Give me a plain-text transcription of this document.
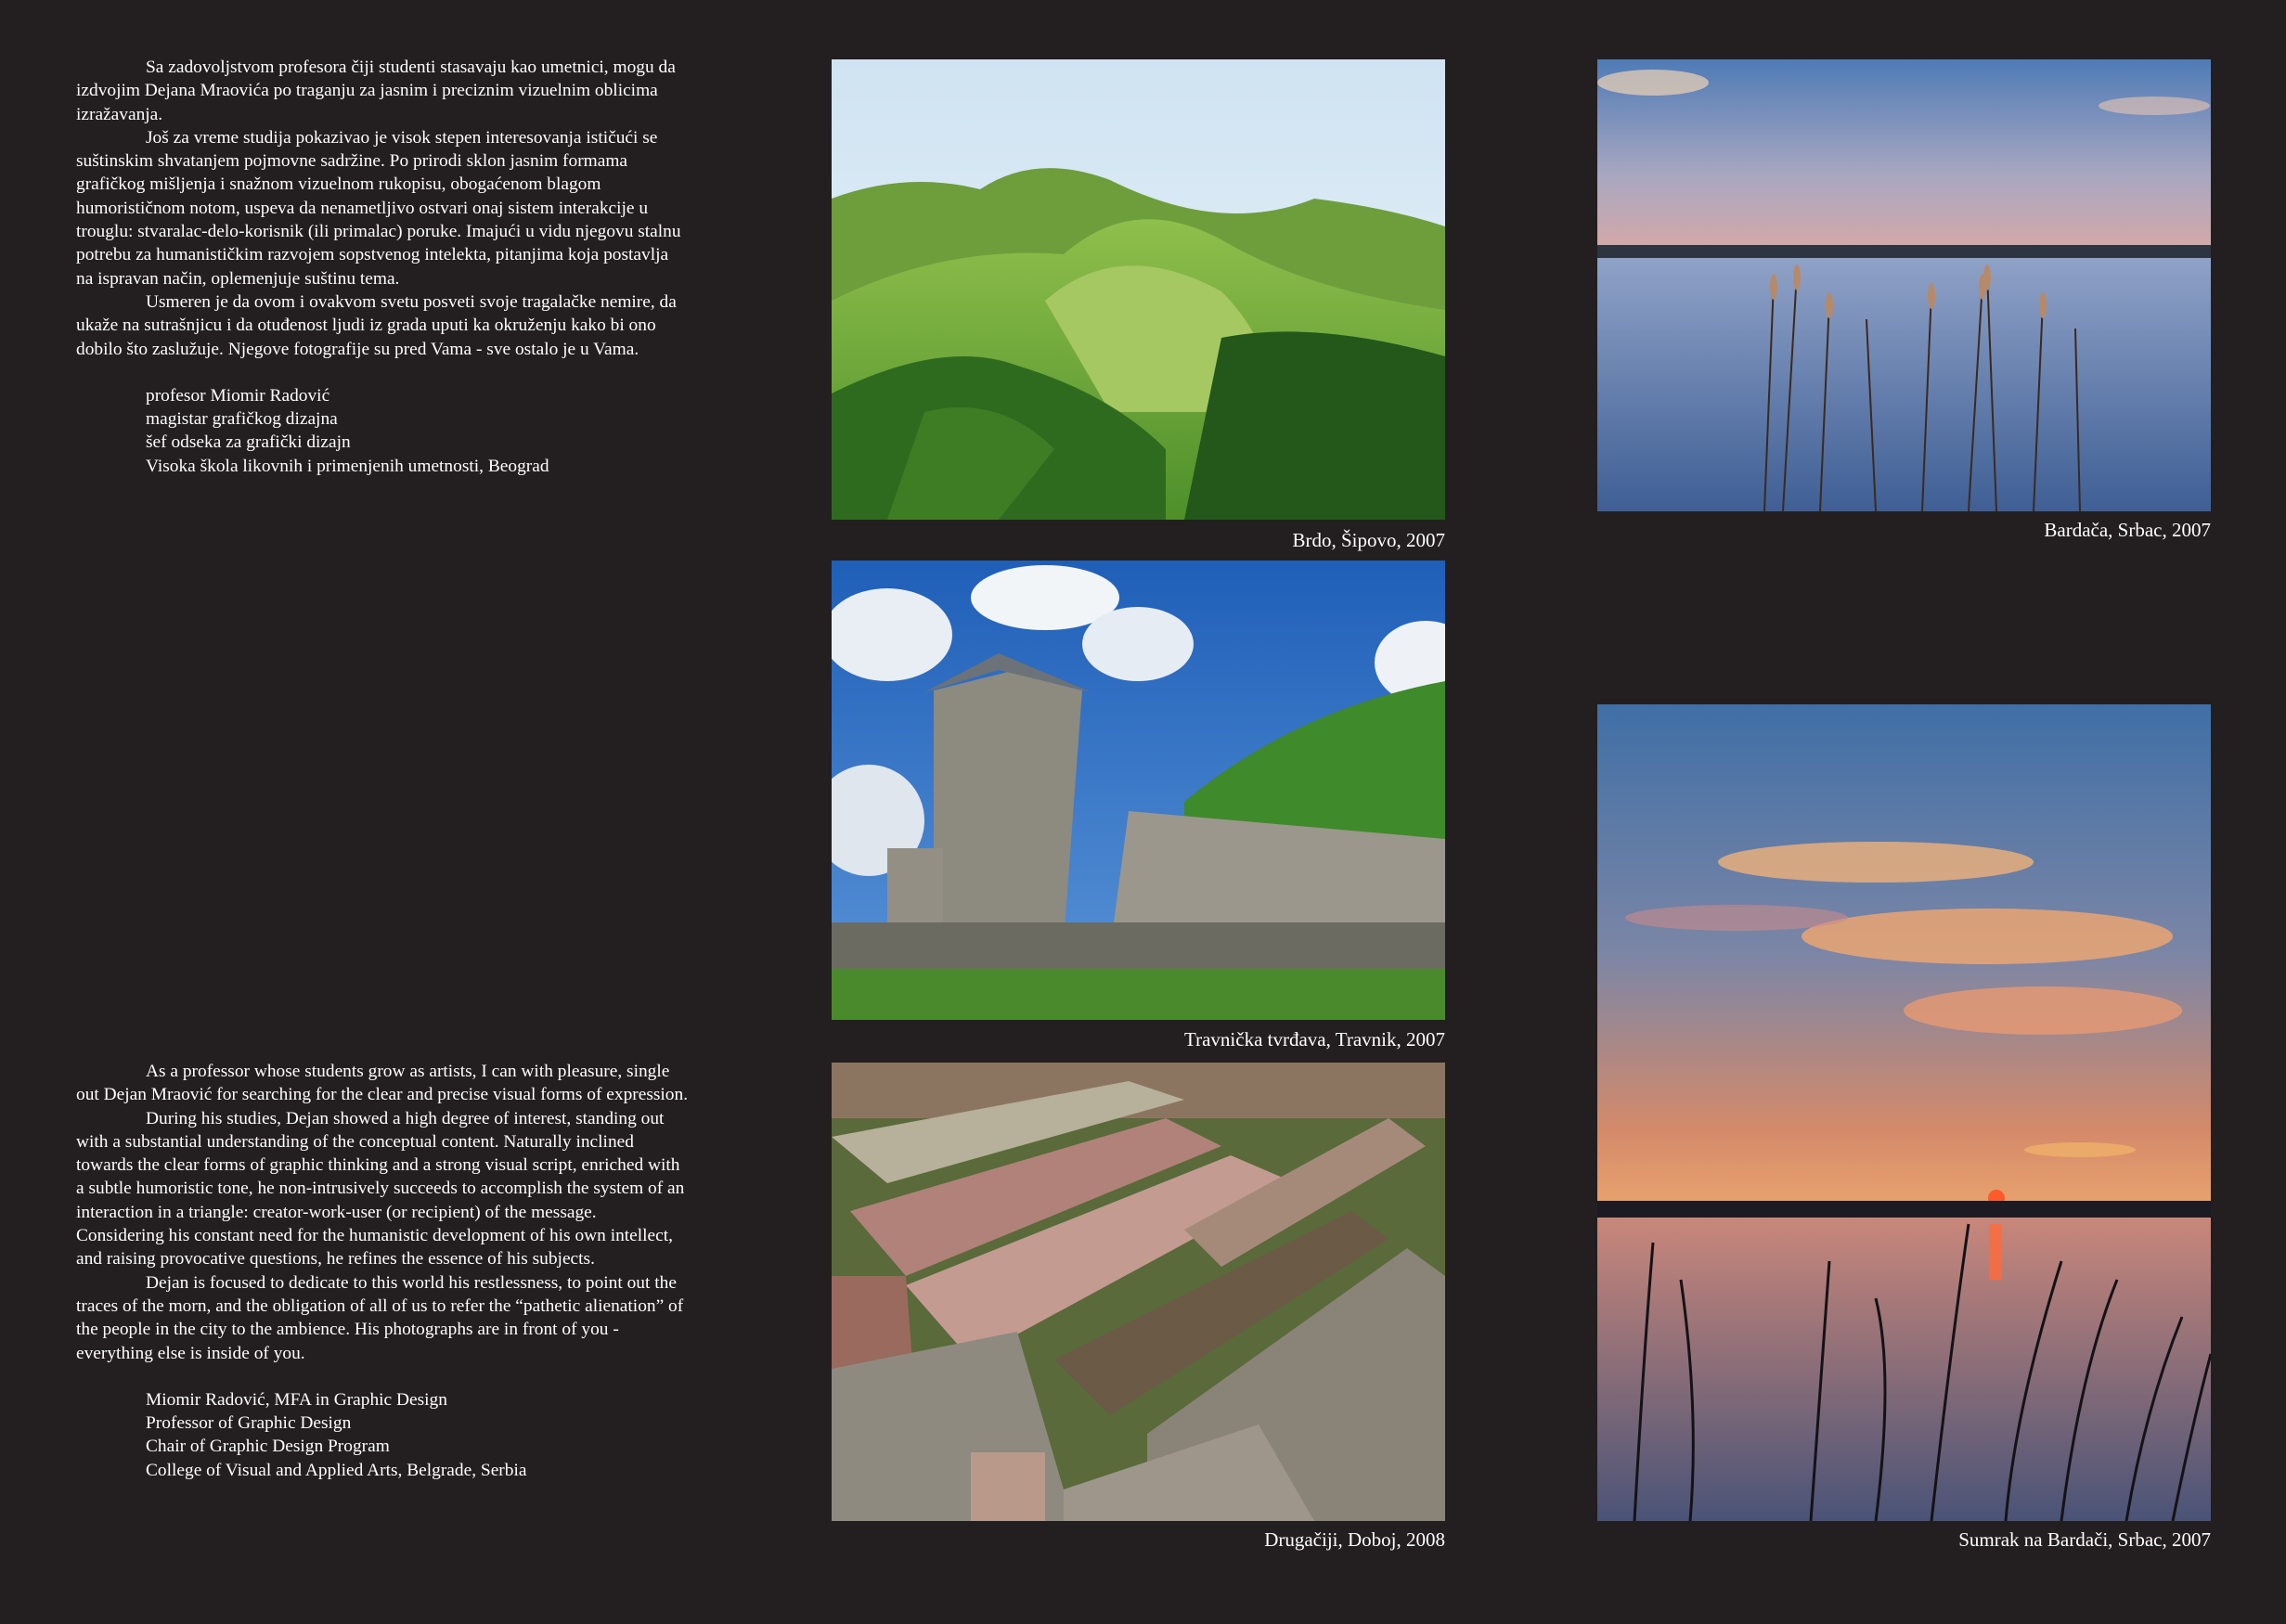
Sa zadovoljstvom profesora čiji studenti stasavaju kao umetnici, mogu da izdvojim Dejana Mraovića po traganju za jasnim i preciznim vizuelnim oblicima izražavanja.

Još za vreme studija pokazivao je visok stepen interesovanja ističući se suštinskim shvatanjem pojmovne sadržine. Po prirodi sklon jasnim formama grafičkog mišljenja i snažnom vizuelnom rukopisu, obogaćenom blagom humorističnom notom, uspeva da nenametljivo ostvari onaj sistem interakcije u trouglu: stvaralac-delo-korisnik (ili primalac) poruke. Imajući u vidu njegovu stalnu potrebu za humanističkim razvojem sopstvenog intelekta, pitanjima koja postavlja na ispravan način, oplemenjuje suštinu tema.

Usmeren je da ovom i ovakvom svetu posveti svoje tragalačke nemire, da ukaže na sutrašnjicu i da otuđenost ljudi iz grada uputi ka okruženju kako bi ono dobilo što zaslužuje. Njegove fotografije su pred Vama - sve ostalo je u Vama.

profesor Miomir Radović
magistar grafičkog dizajna
šef odseka za grafički dizajn
Visoka škola likovnih i primenjenih umetnosti, Beograd

As a professor whose students grow as artists, I can with pleasure, single out Dejan Mraović for searching for the clear and precise visual forms of expression.

During his studies, Dejan showed a high degree of interest, standing out with a substantial understanding of the conceptual content. Naturally inclined towards the clear forms of graphic thinking and a strong visual script, enriched with a subtle humoristic tone, he non-intrusively succeeds to accomplish the system of an interaction in a triangle: creator-work-user (or recipient) of the message. Considering his constant need for the humanistic development of his own intellect, and raising provocative questions, he refines the essence of his subjects.

Dejan is focused to dedicate to this world his restlessness, to point out the traces of the morn, and the obligation of all of us to refer the “pathetic alienation” of the people in the city to the ambience. His photographs are in front of you - everything else is inside of you.

Miomir Radović, MFA in Graphic Design
Professor of Graphic Design
Chair of Graphic Design Program
College of Visual and Applied Arts, Belgrade, Serbia
Brdo, Šipovo, 2007
Travnička tvrđava, Travnik, 2007
Drugačiji, Doboj, 2008
Bardača, Srbac, 2007
Sumrak na Bardači, Srbac, 2007
